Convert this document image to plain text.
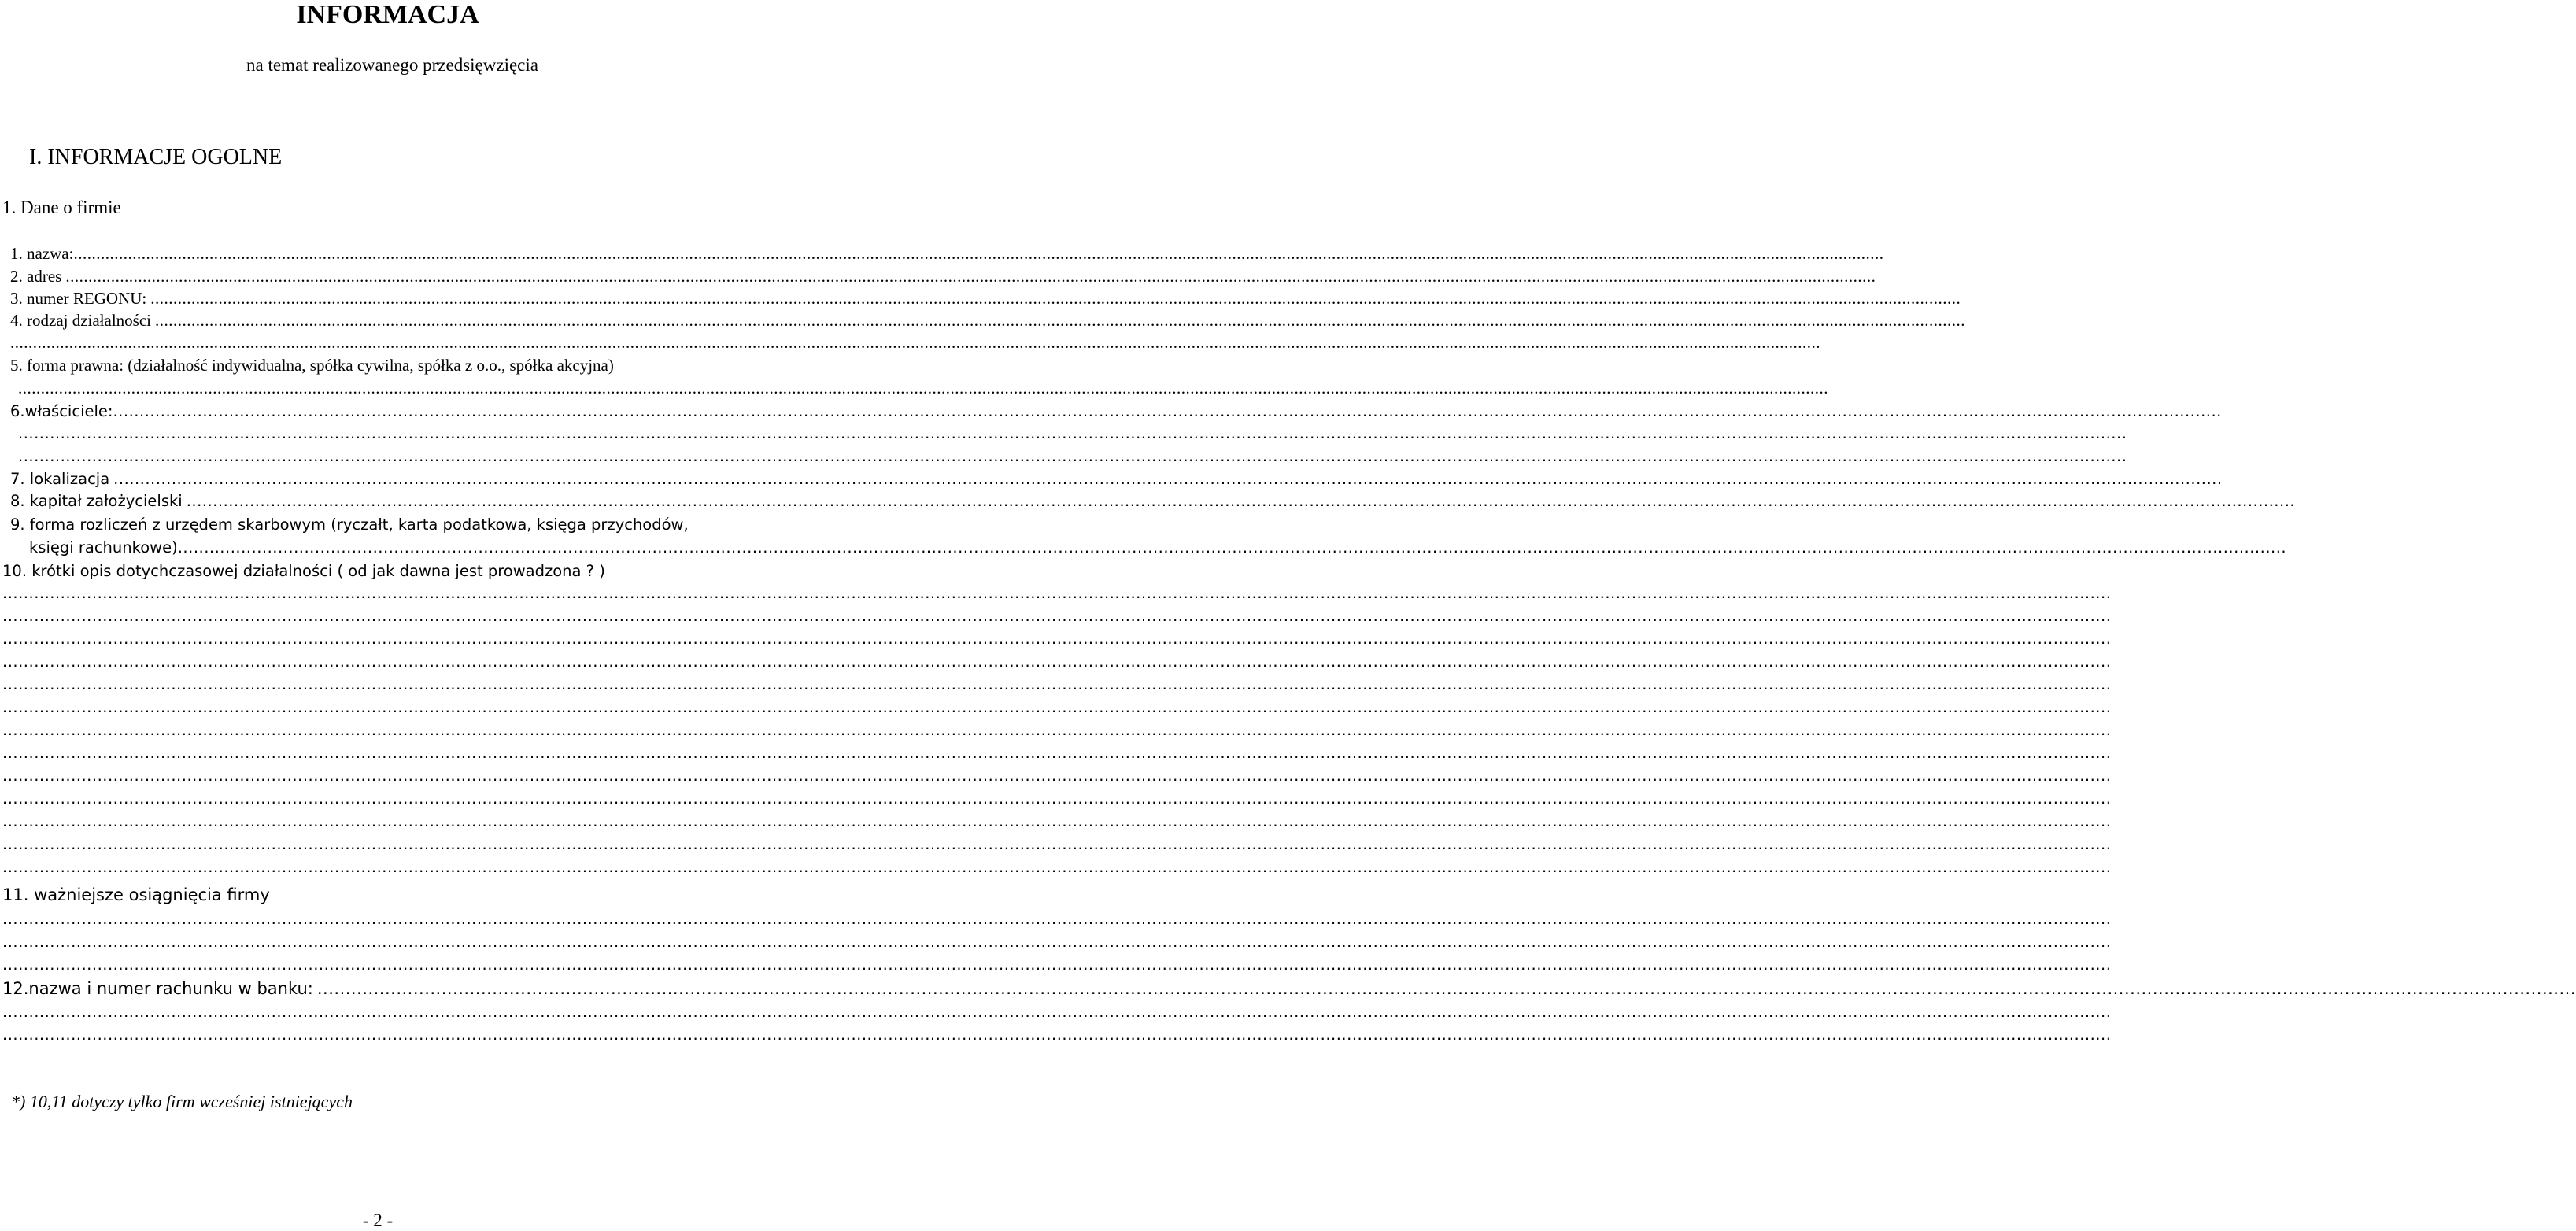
INFORMACJA
na temat realizowanego przedsięwzięcia
I. INFORMACJE OGOLNE
1. Dane o firmie
1. nazwa: ................................................................................................................................................................................................................................................................................................................................................................................................................
2. adres ................................................................................................................................................................................................................................................................................................................................................................................................................
3. numer REGONU: ................................................................................................................................................................................................................................................................................................................................................................................................................
4. rodzaj działalności ................................................................................................................................................................................................................................................................................................................................................................................................................
................................................................................................................................................................................................................................................................................................................................................................................................................
5. forma prawna: (działalność indywidualna, spółka cywilna, spółka z o.o., spółka akcyjna)
................................................................................................................................................................................................................................................................................................................................................................................................................
6.właściciele: ................................................................................................................................................................................................................................................................................................................................................................................................................
................................................................................................................................................................................................................................................................................................................................................................................................................
................................................................................................................................................................................................................................................................................................................................................................................................................
7. lokalizacja ................................................................................................................................................................................................................................................................................................................................................................................................................
8. kapitał założycielski ................................................................................................................................................................................................................................................................................................................................................................................................................
9. forma rozliczeń z urzędem skarbowym (ryczałt, karta podatkowa, księga przychodów,
księgi rachunkowe) ................................................................................................................................................................................................................................................................................................................................................................................................................
10. krótki opis dotychczasowej działalności ( od jak dawna jest prowadzona ? )
................................................................................................................................................................................................................................................................................................................................................................................................................
................................................................................................................................................................................................................................................................................................................................................................................................................
................................................................................................................................................................................................................................................................................................................................................................................................................
................................................................................................................................................................................................................................................................................................................................................................................................................
................................................................................................................................................................................................................................................................................................................................................................................................................
................................................................................................................................................................................................................................................................................................................................................................................................................
................................................................................................................................................................................................................................................................................................................................................................................................................
................................................................................................................................................................................................................................................................................................................................................................................................................
................................................................................................................................................................................................................................................................................................................................................................................................................
................................................................................................................................................................................................................................................................................................................................................................................................................
................................................................................................................................................................................................................................................................................................................................................................................................................
................................................................................................................................................................................................................................................................................................................................................................................................................
................................................................................................................................................................................................................................................................................................................................................................................................................
11. ważniejsze osiągnięcia firmy
................................................................................................................................................................................................................................................................................................................................................................................................................
................................................................................................................................................................................................................................................................................................................................................................................................................
................................................................................................................................................................................................................................................................................................................................................................................................................
12.nazwa i numer rachunku w banku: ................................................................................................................................................................................................................................................................................................................................................................................................................
................................................................................................................................................................................................................................................................................................................................................................................................................
................................................................................................................................................................................................................................................................................................................................................................................................................
*) 10,11 dotyczy tylko firm wcześniej istniejących
- 2 -
